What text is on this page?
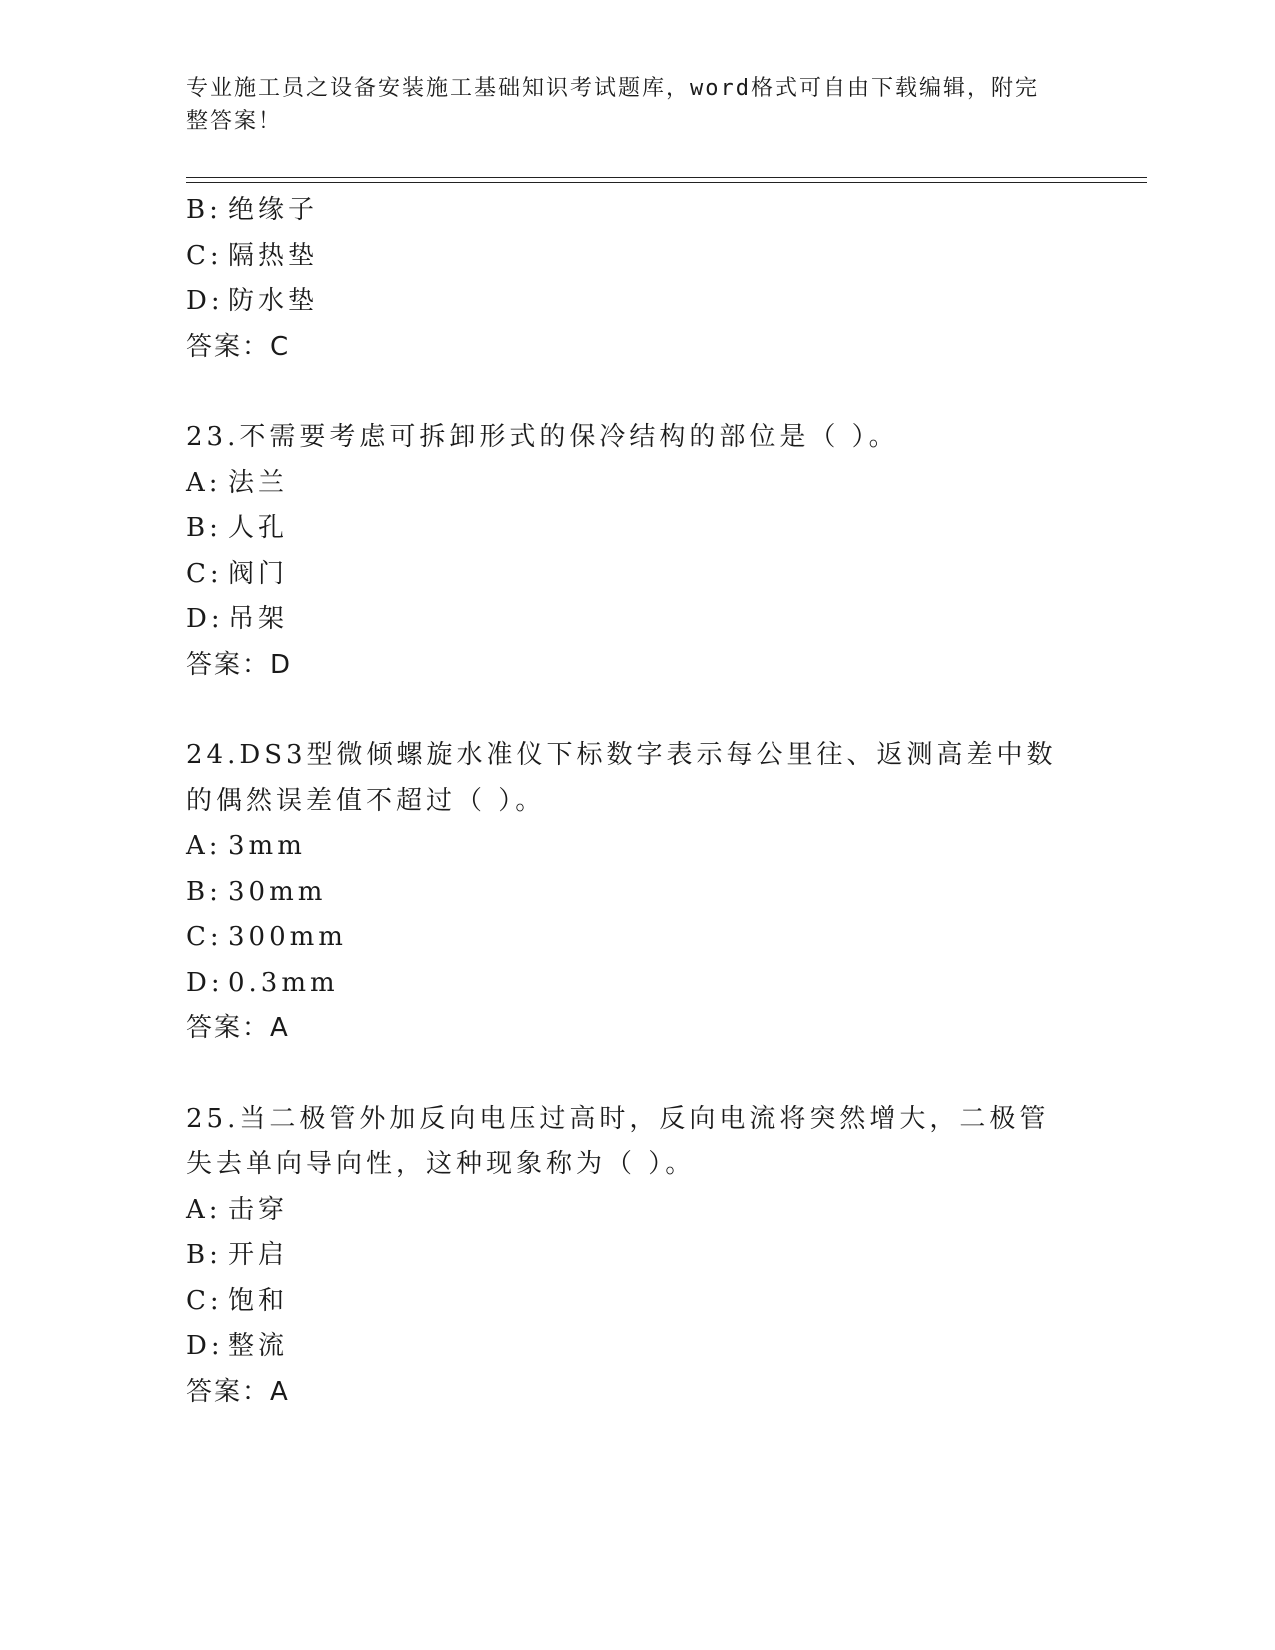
专业施工员之设备安装施工基础知识考试题库，word格式可自由下载编辑，附完
整答案！
B: 绝缘子
C: 隔热垫
D: 防水垫
答案：C
23.不需要考虑可拆卸形式的保冷结构的部位是（ ）。
A: 法兰
B: 人孔
C: 阀门
D: 吊架
答案：D
24.DS3型微倾螺旋水准仪下标数字表示每公里往、返测高差中数的偶然误差值不超过（ ）。
A: 3mm
B: 30mm
C: 300mm
D: 0.3mm
答案：A
25.当二极管外加反向电压过高时，反向电流将突然增大，二极管失去单向导向性，这种现象称为（ ）。
A: 击穿
B: 开启
C: 饱和
D: 整流
答案：A
